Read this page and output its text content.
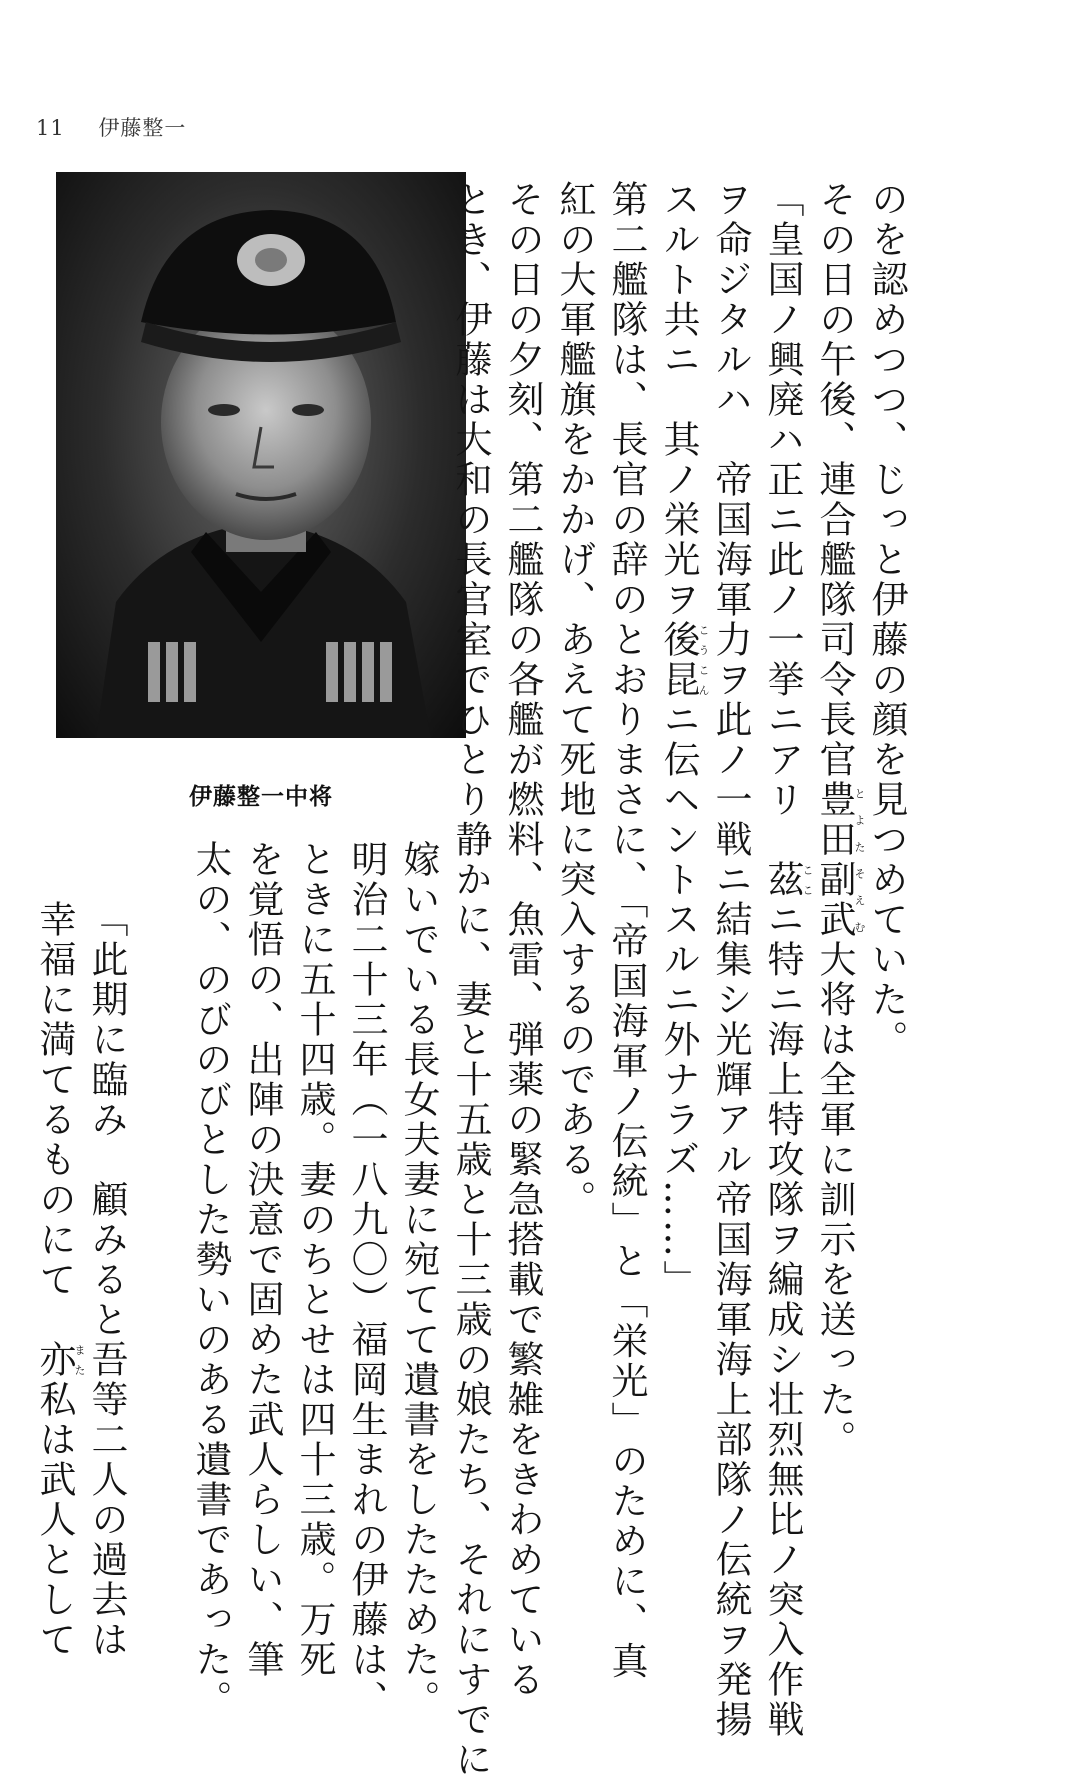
11 伊藤整一
伊藤整一中将	のを認めつつ、じっと伊藤の顔を見つめていた。
その日の午後、連合艦隊司令長官豊田とよた副武そえむ大将は全軍に訓示を送った。
「皇国ノ興廃ハ正ニ此ノ一挙ニアリ　茲ここニ特ニ海上特攻隊ヲ編成シ壮烈無比ノ突入作戦
ヲ命ジタルハ　帝国海軍力ヲ此ノ一戦ニ結集シ光輝アル帝国海軍海上部隊ノ伝統ヲ発揚
スルト共ニ　其ノ栄光ヲ後昆こうこんニ伝ヘントスルニ外ナラズ……」
第二艦隊は、長官の辞のとおりまさに、「帝国海軍ノ伝統」と「栄光」のために、真
紅の大軍艦旗をかかげ、あえて死地に突入するのである。
その日の夕刻、第二艦隊の各艦が燃料、魚雷、弾薬の緊急搭載で繁雑をきわめている
とき、伊藤は大和の長官室でひとり静かに、妻と十五歳と十三歳の娘たち、それにすでに
嫁いでいる長女夫妻に宛てて遺書をしたためた。
明治二十三年（一八九〇）福岡生まれの伊藤は、
ときに五十四歳。妻のちとせは四十三歳。万死
を覚悟の、出陣の決意で固めた武人らしい、筆
太の、のびのびとした勢いのある遺書であった。
「此期に臨み　顧みると吾等二人の過去は
幸福に満てるものにて　亦また私は武人として
